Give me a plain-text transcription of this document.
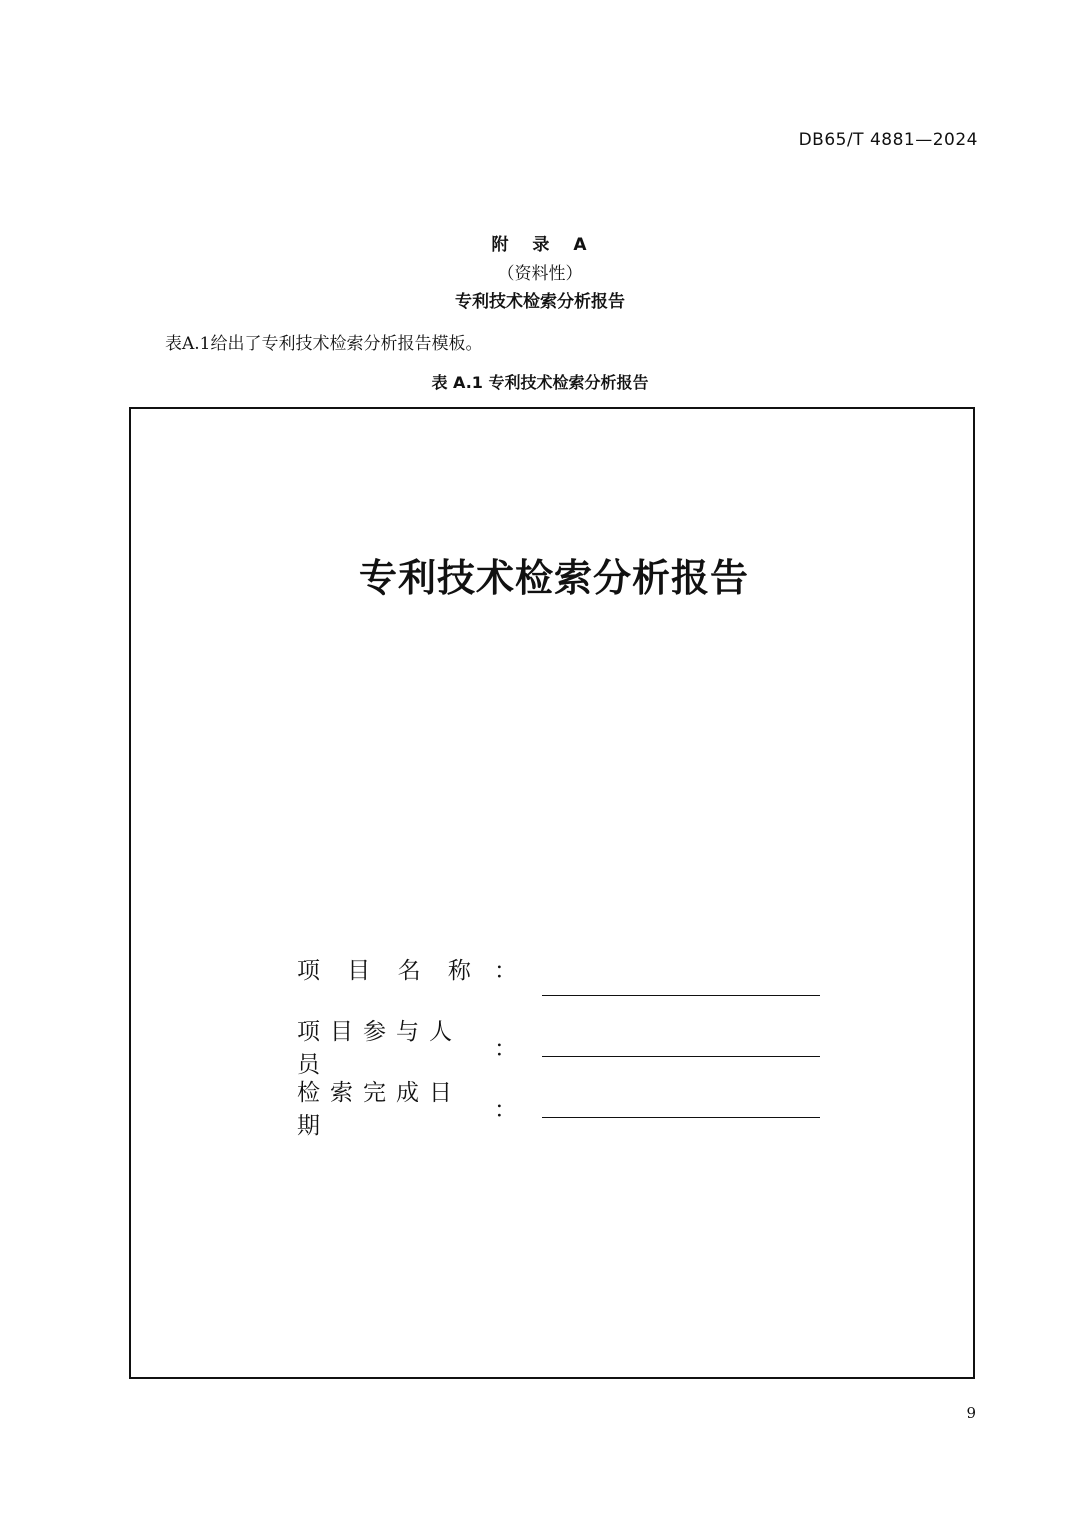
DB65/T 4881—2024
附 录 A
（资料性）
专利技术检索分析报告
表A.1给出了专利技术检索分析报告模板。
表 A.1 专利技术检索分析报告
专利技术检索分析报告
项 目 名 称 ：
项目参与人员
：
检索完成日期
：
9
